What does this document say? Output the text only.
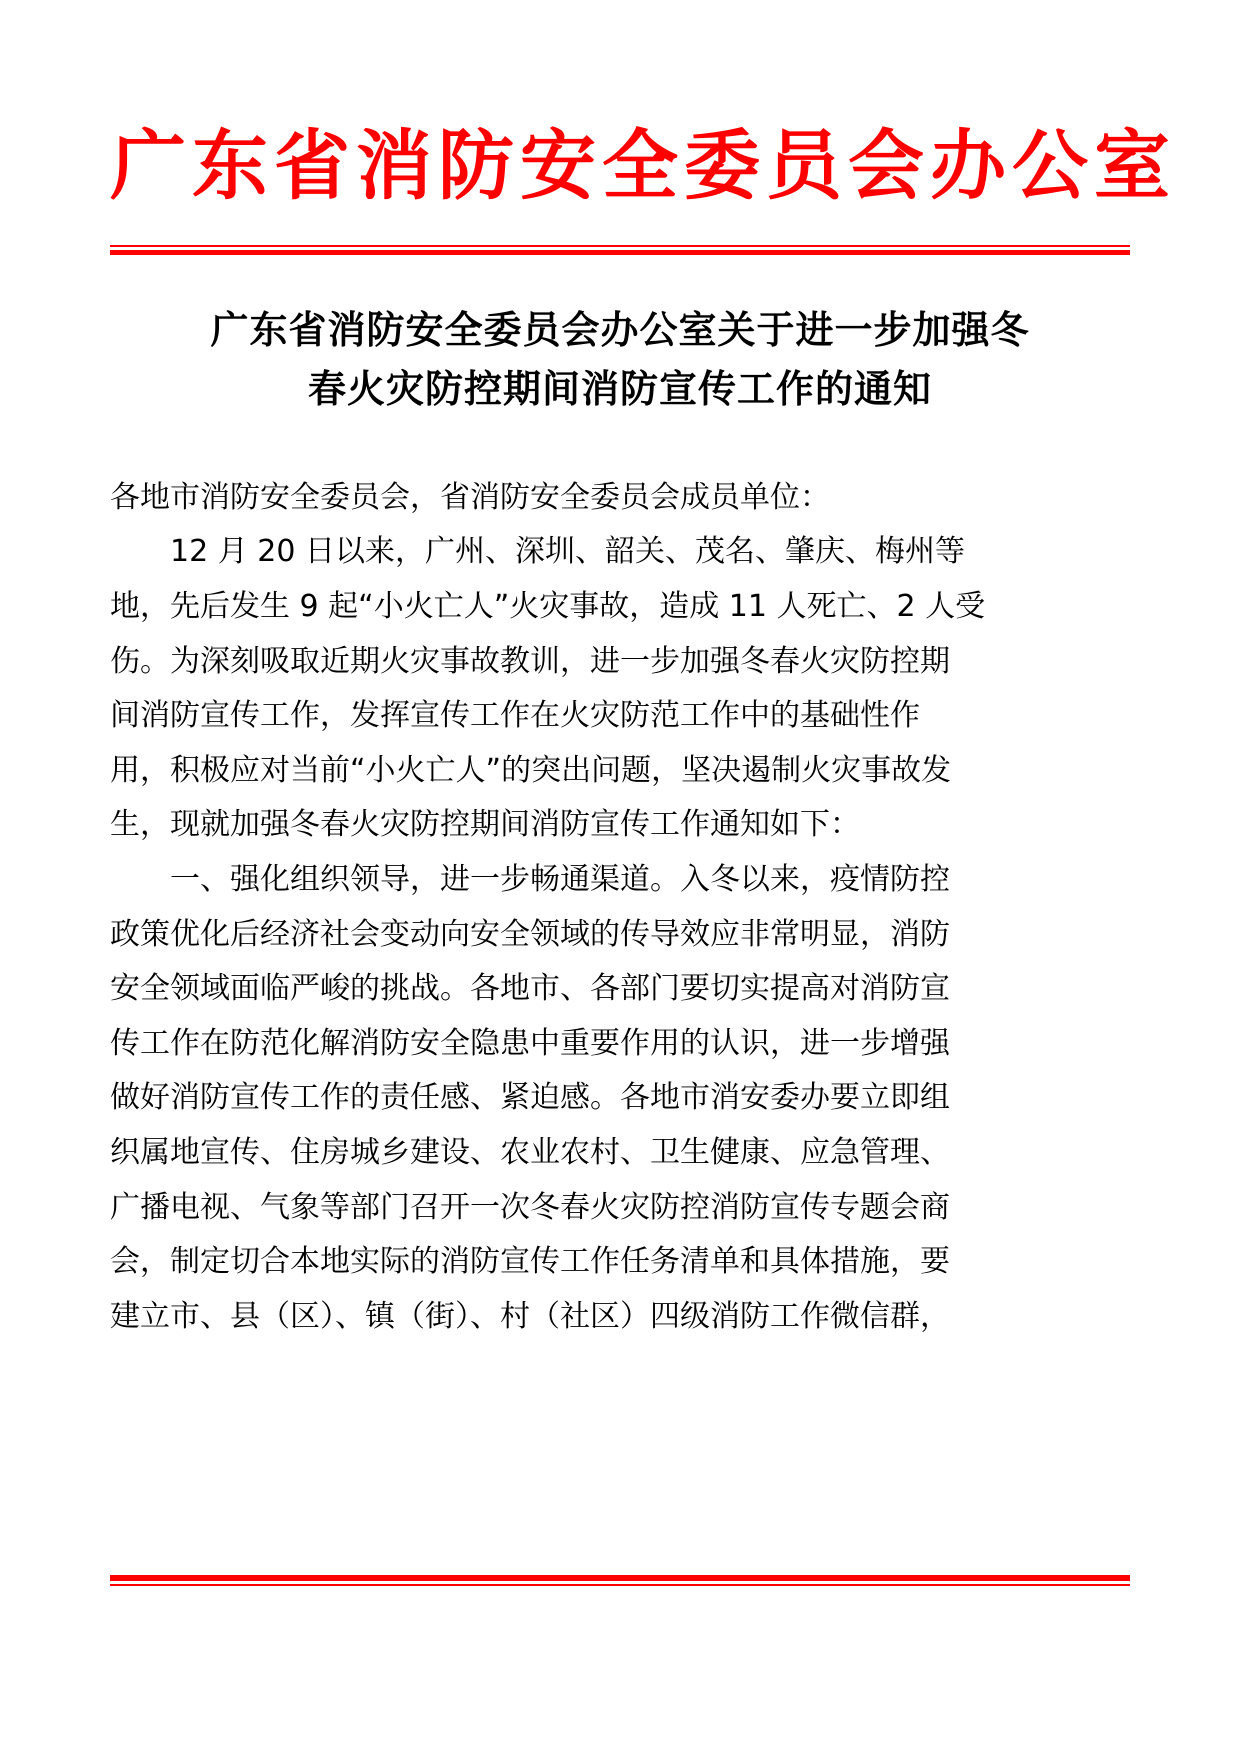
广东省消防安全委员会办公室
广东省消防安全委员会办公室关于进一步加强冬
春火灾防控期间消防宣传工作的通知
各地市消防安全委员会，省消防安全委员会成员单位：
　　12 月 20 日以来，广州、深圳、韶关、茂名、肇庆、梅州等
地，先后发生 9 起“小火亡人”火灾事故，造成 11 人死亡、2 人受
伤。为深刻吸取近期火灾事故教训，进一步加强冬春火灾防控期
间消防宣传工作，发挥宣传工作在火灾防范工作中的基础性作
用，积极应对当前“小火亡人”的突出问题，坚决遏制火灾事故发
生，现就加强冬春火灾防控期间消防宣传工作通知如下：
　　一、强化组织领导，进一步畅通渠道。入冬以来，疫情防控
政策优化后经济社会变动向安全领域的传导效应非常明显，消防
安全领域面临严峻的挑战。各地市、各部门要切实提高对消防宣
传工作在防范化解消防安全隐患中重要作用的认识，进一步增强
做好消防宣传工作的责任感、紧迫感。各地市消安委办要立即组
织属地宣传、住房城乡建设、农业农村、卫生健康、应急管理、
广播电视、气象等部门召开一次冬春火灾防控消防宣传专题会商
会，制定切合本地实际的消防宣传工作任务清单和具体措施，要
建立市、县（区）、镇（街）、村（社区）四级消防工作微信群，
